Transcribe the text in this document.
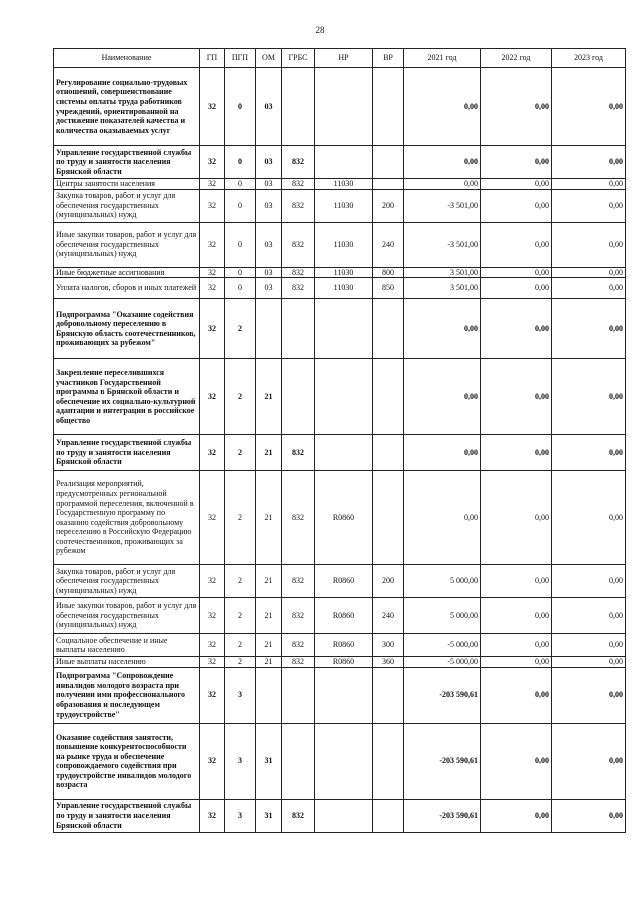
28
Наименование	ГП	ПГП	ОМ	ГРБС	НР	ВР	2021 год	2022 год	2023 год
Регулирование социально-трудовых отношений, совершенствование системы оплаты труда работников учреждений, ориентированной на достижение показателей качества и количества оказываемых услуг	32	0	03				0,00	0,00	0,00
Управление государственной службы по труду и занятости населения Брянской области	32	0	03	832			0,00	0,00	0,00
Центры занятости населения	32	0	03	832	11030		0,00	0,00	0,00
Закупка товаров, работ и услуг для обеспечения государственных (муниципальных) нужд	32	0	03	832	11030	200	-3 501,00	0,00	0,00
Иные закупки товаров, работ и услуг для обеспечения государственных (муниципальных) нужд	32	0	03	832	11030	240	-3 501,00	0,00	0,00
Иные бюджетные ассигнования	32	0	03	832	11030	800	3 501,00	0,00	0,00
Уплата налогов, сборов и иных платежей	32	0	03	832	11030	850	3 501,00	0,00	0,00
Подпрограмма "Оказание содействия добровольному переселению в Брянскую область соотечественников, проживающих за рубежом"	32	2					0,00	0,00	0,00
Закрепление переселившихся участников Государственной программы в Брянской области и обеспечение их социально-культурной адаптации и интеграции в российское общество	32	2	21				0,00	0,00	0,00
Управление государственной службы по труду и занятости населения Брянской области	32	2	21	832			0,00	0,00	0,00
Реализация мероприятий, предусмотренных региональной программой переселения, включенной в Государственную программу по оказанию содействия добровольному переселению в Российскую Федерацию соотечественников, проживающих за рубежом	32	2	21	832	R0860		0,00	0,00	0,00
Закупка товаров, работ и услуг для обеспечения государственных (муниципальных) нужд	32	2	21	832	R0860	200	5 000,00	0,00	0,00
Иные закупки товаров, работ и услуг для обеспечения государственных (муниципальных) нужд	32	2	21	832	R0860	240	5 000,00	0,00	0,00
Социальное обеспечение и иные выплаты населению	32	2	21	832	R0860	300	-5 000,00	0,00	0,00
Иные выплаты населению	32	2	21	832	R0860	360	-5 000,00	0,00	0,00
Подпрограмма "Сопровождение инвалидов молодого возраста при получении ими профессионального образования и последующем трудоустройстве"	32	3					-203 590,61	0,00	0,00
Оказание содействия занятости, повышение конкурентоспособности на рынке труда и обеспечение сопровождаемого содействия при трудоустройстве инвалидов молодого возраста	32	3	31				-203 590,61	0,00	0,00
Управление государственной службы по труду и занятости населения Брянской области	32	3	31	832			-203 590,61	0,00	0,00
